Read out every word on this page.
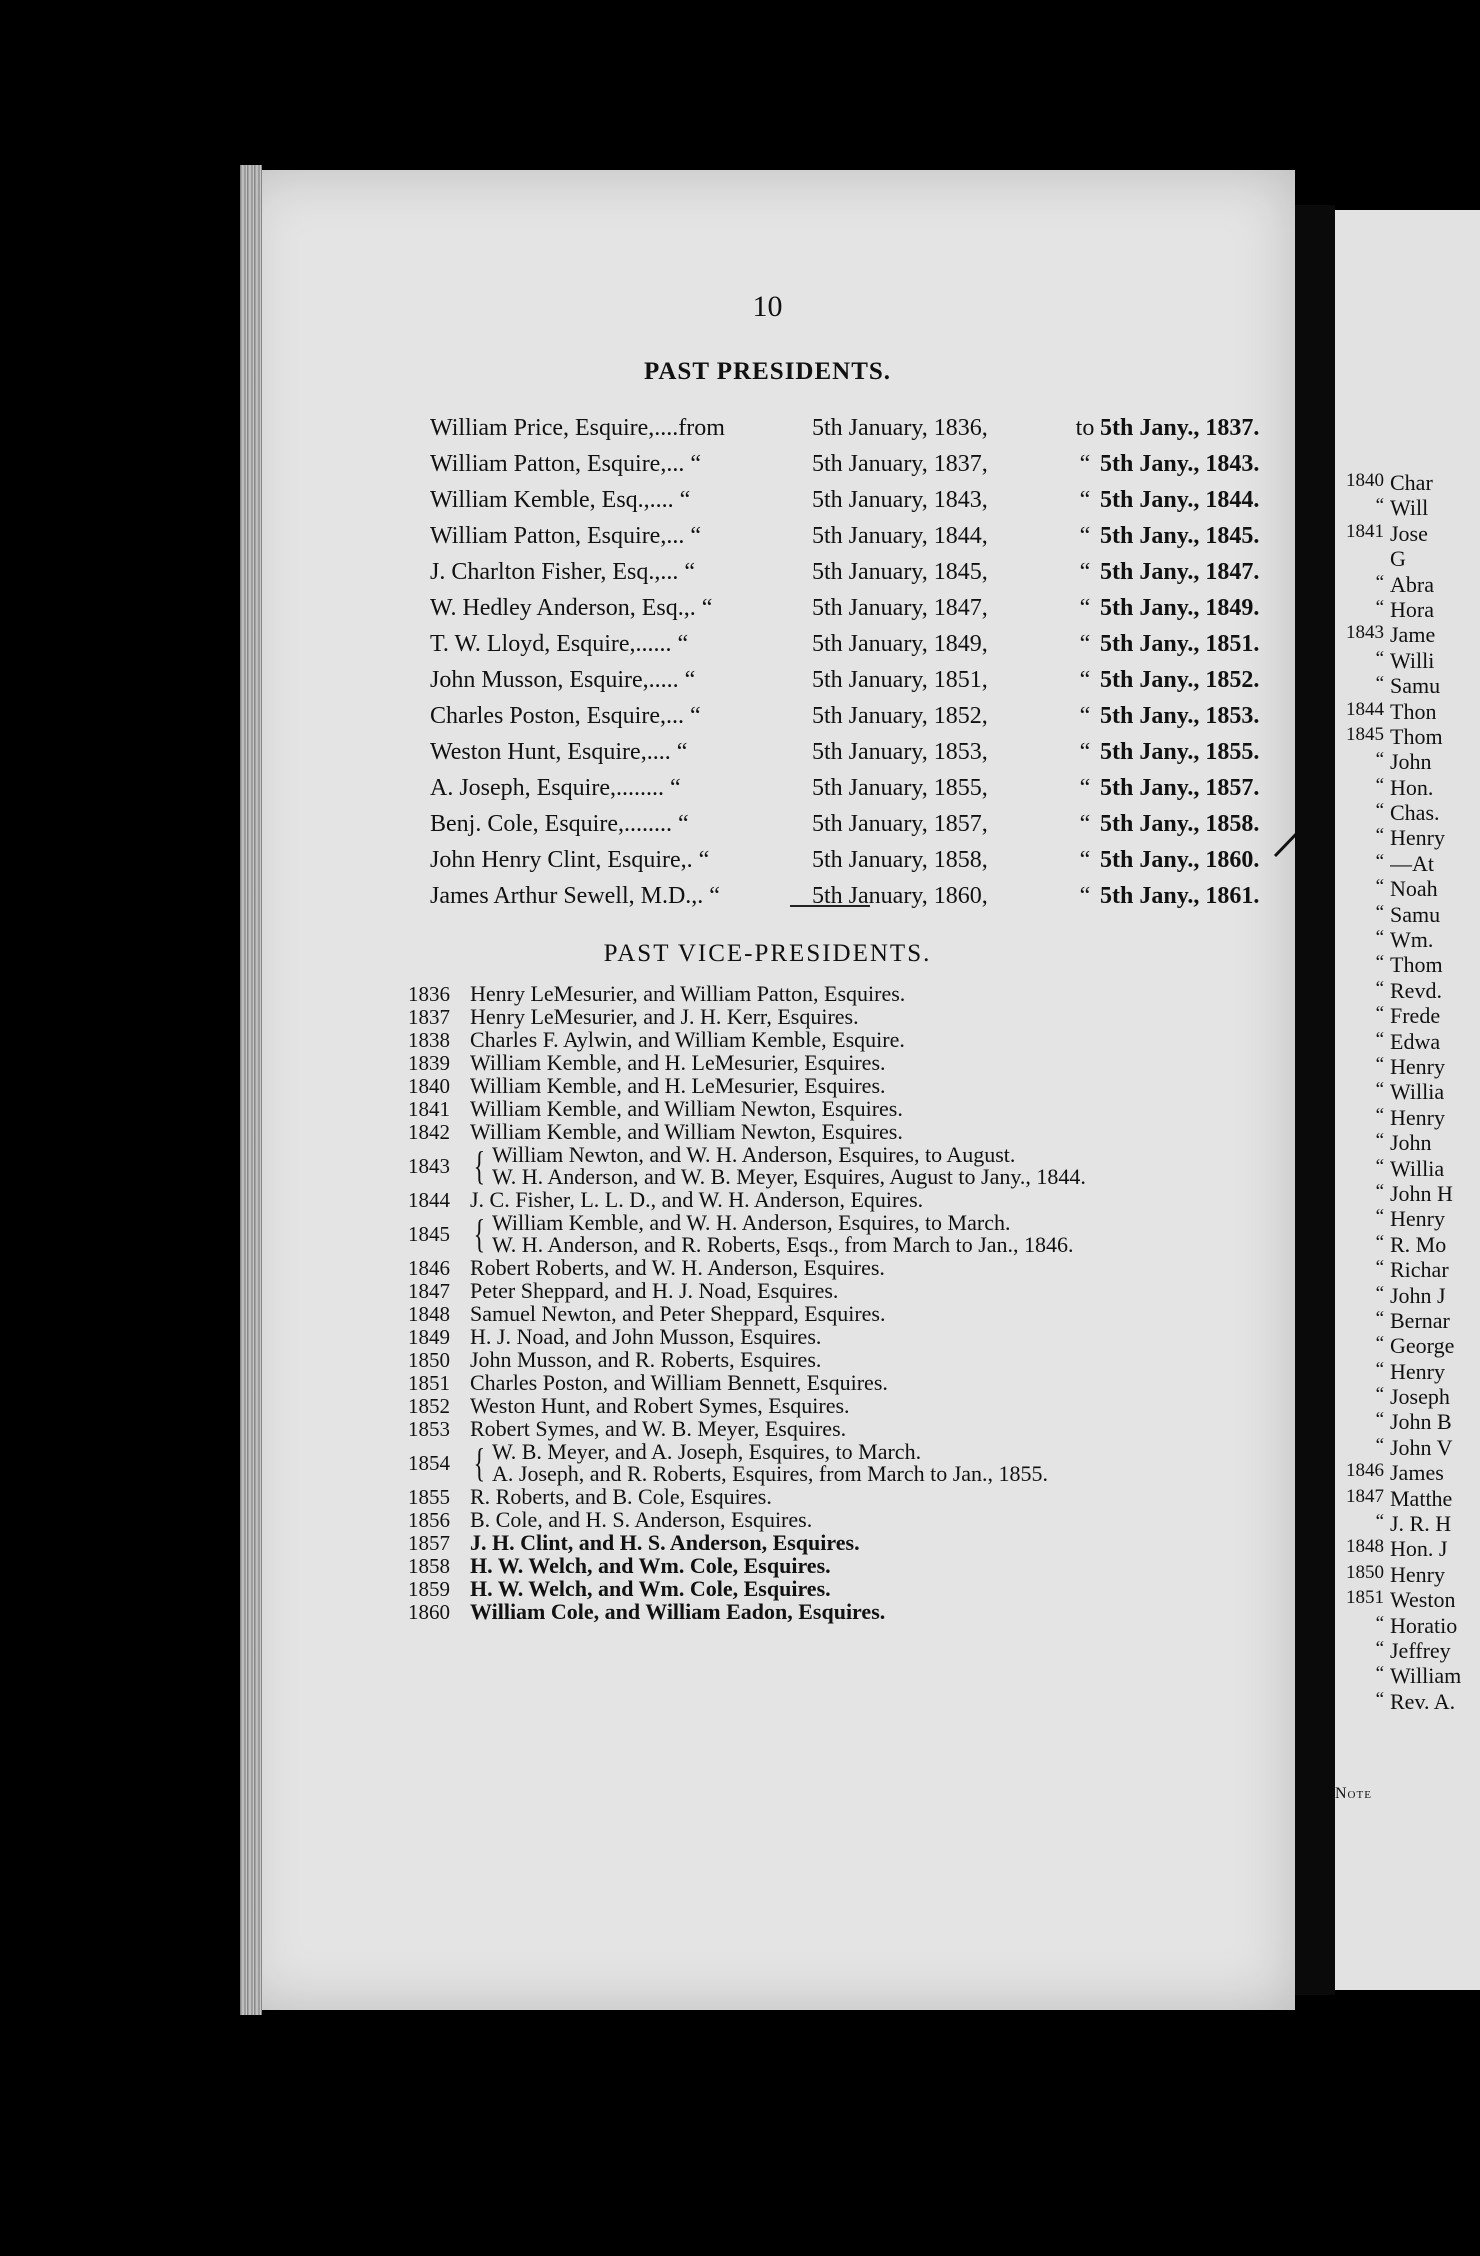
10

PAST PRESIDENTS.
William Price, Esquire,....from	5th January, 1836,	to 5th Jany., 1837.
William Patton, Esquire,... “	5th January, 1837,	“ 5th Jany., 1843.
William Kemble, Esq.,.... “	5th January, 1843,	“ 5th Jany., 1844.
William Patton, Esquire,... “	5th January, 1844,	“ 5th Jany., 1845.
J. Charlton Fisher, Esq.,... “	5th January, 1845,	“ 5th Jany., 1847.
W. Hedley Anderson, Esq.,. “	5th January, 1847,	“ 5th Jany., 1849.
T. W. Lloyd, Esquire,...... “	5th January, 1849,	“ 5th Jany., 1851.
John Musson, Esquire,..... “	5th January, 1851,	“ 5th Jany., 1852.
Charles Poston, Esquire,... “	5th January, 1852,	“ 5th Jany., 1853.
Weston Hunt, Esquire,.... “	5th January, 1853,	“ 5th Jany., 1855.
A. Joseph, Esquire,........ “	5th January, 1855,	“ 5th Jany., 1857.
Benj. Cole, Esquire,........ “	5th January, 1857,	“ 5th Jany., 1858.
John Henry Clint, Esquire,. “	5th January, 1858,	“ 5th Jany., 1860.
James Arthur Sewell, M.D.,. “	5th January, 1860,	“ 5th Jany., 1861.
PAST VICE-PRESIDENTS.
1836 Henry LeMesurier, and William Patton, Esquires.
1837 Henry LeMesurier, and J. H. Kerr, Esquires.
1838 Charles F. Aylwin, and William Kemble, Esquire.
1839 William Kemble, and H. LeMesurier, Esquires.
1840 William Kemble, and H. LeMesurier, Esquires.
1841 William Kemble, and William Newton, Esquires.
1842 William Kemble, and William Newton, Esquires.
1843 { William Newton, and W. H. Anderson, Esquires, to August.
W. H. Anderson, and W. B. Meyer, Esquires, August to Jany., 1844.
1844 J. C. Fisher, L. L. D., and W. H. Anderson, Equires.
1845 { William Kemble, and W. H. Anderson, Esquires, to March.
W. H. Anderson, and R. Roberts, Esqs., from March to Jan., 1846.
1846 Robert Roberts, and W. H. Anderson, Esquires.
1847 Peter Sheppard, and H. J. Noad, Esquires.
1848 Samuel Newton, and Peter Sheppard, Esquires.
1849 H. J. Noad, and John Musson, Esquires.
1850 John Musson, and R. Roberts, Esquires.
1851 Charles Poston, and William Bennett, Esquires.
1852 Weston Hunt, and Robert Symes, Esquires.
1853 Robert Symes, and W. B. Meyer, Esquires.
1854 { W. B. Meyer, and A. Joseph, Esquires, to March.
A. Joseph, and R. Roberts, Esquires, from March to Jan., 1855.
1855 R. Roberts, and B. Cole, Esquires.
1856 B. Cole, and H. S. Anderson, Esquires.
1857 J. H. Clint, and H. S. Anderson, Esquires.
1858 H. W. Welch, and Wm. Cole, Esquires.
1859 H. W. Welch, and Wm. Cole, Esquires.
1860 William Cole, and William Eadon, Esquires.
1840 Char
“ Will
1841 Jose
G
“ Abra
“ Hora
1843 Jame
“ Willi
“ Samu
1844 Thon
1845 Thom
“ John
“ Hon.
“ Chas.
“ Henry
“ —At
“ Noah
“ Samu
“ Wm.
“ Thom
“ Revd.
“ Frede
“ Edwa
“ Henry
“ Willia
“ Henry
“ John
“ Willia
“ John H
“ Henry
“ R. Mo
“ Richar
“ John J
“ Bernar
“ George
“ Henry
“ Joseph
“ John B
“ John V
1846 James
1847 Matthe
“ J. R. H
1848 Hon. J
1850 Henry
1851 Weston
“ Horatio
“ Jeffrey
“ William
“ Rev. A.
Note
